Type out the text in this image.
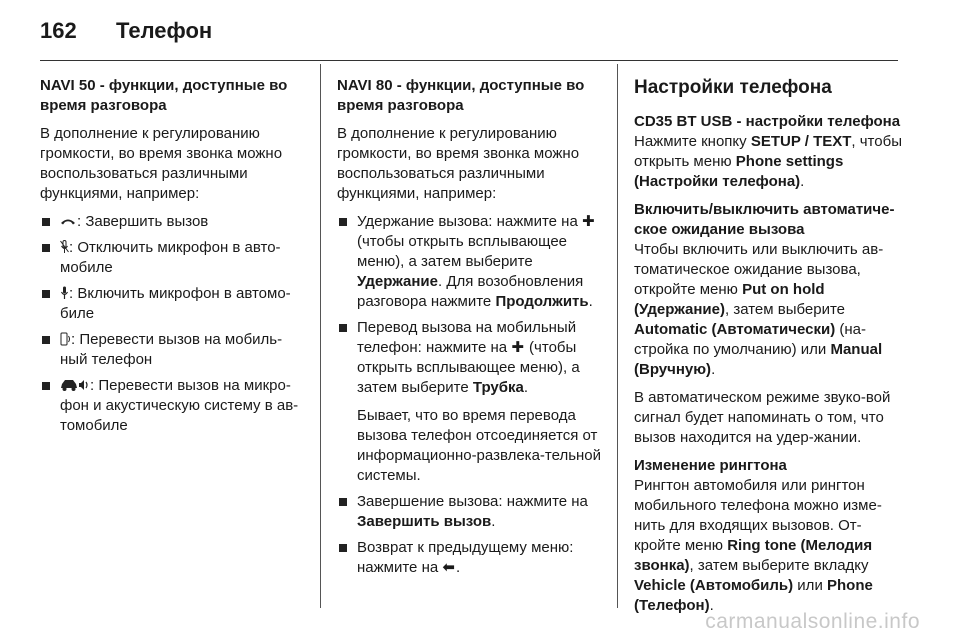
162	Телефон
NAVI 50 - функции, доступные во время разговора
В дополнение к регулированию громкости, во время звонка можно воспользоваться различными функциями, например:
: Завершить вызов
: Отключить микрофон в авто-мобиле
: Включить микрофон в автомо-биле
: Перевести вызов на мобиль-ный телефон
: Перевести вызов на микро-фон и акустическую систему в ав-томобиле
NAVI 80 - функции, доступные во время разговора
В дополнение к регулированию громкости, во время звонка можно воспользоваться различными функциями, например:
Удержание вызова: нажмите на ✚ (чтобы открыть всплывающее меню), а затем выберите Удержание. Для возобновления разговора нажмите Продолжить.
Перевод вызова на мобильный телефон: нажмите на ✚ (чтобы открыть всплывающее меню), а затем выберите Трубка.
Бывает, что во время перевода вызова телефон отсоединяется от информационно-развлека-тельной системы.
Завершение вызова: нажмите на Завершить вызов.
Возврат к предыдущему меню: нажмите на ⬅.
Настройки телефона
CD35 BT USB - настройки телефона
Нажмите кнопку SETUP / TEXT, чтобы открыть меню Phone settings (Настройки телефона).
Включить/выключить автоматиче-ское ожидание вызова
Чтобы включить или выключить ав-томатическое ожидание вызова, откройте меню Put on hold (Удержание), затем выберите Automatic (Автоматически) (на-стройка по умолчанию) или Manual (Вручную).
В автоматическом режиме звуко-вой сигнал будет напоминать о том, что вызов находится на удер-жании.
Изменение рингтона
Рингтон автомобиля или рингтон мобильного телефона можно изме-нить для входящих вызовов. От-кройте меню Ring tone (Мелодия звонка), затем выберите вкладку Vehicle (Автомобиль) или Phone (Телефон).
carmanualsonline.info
